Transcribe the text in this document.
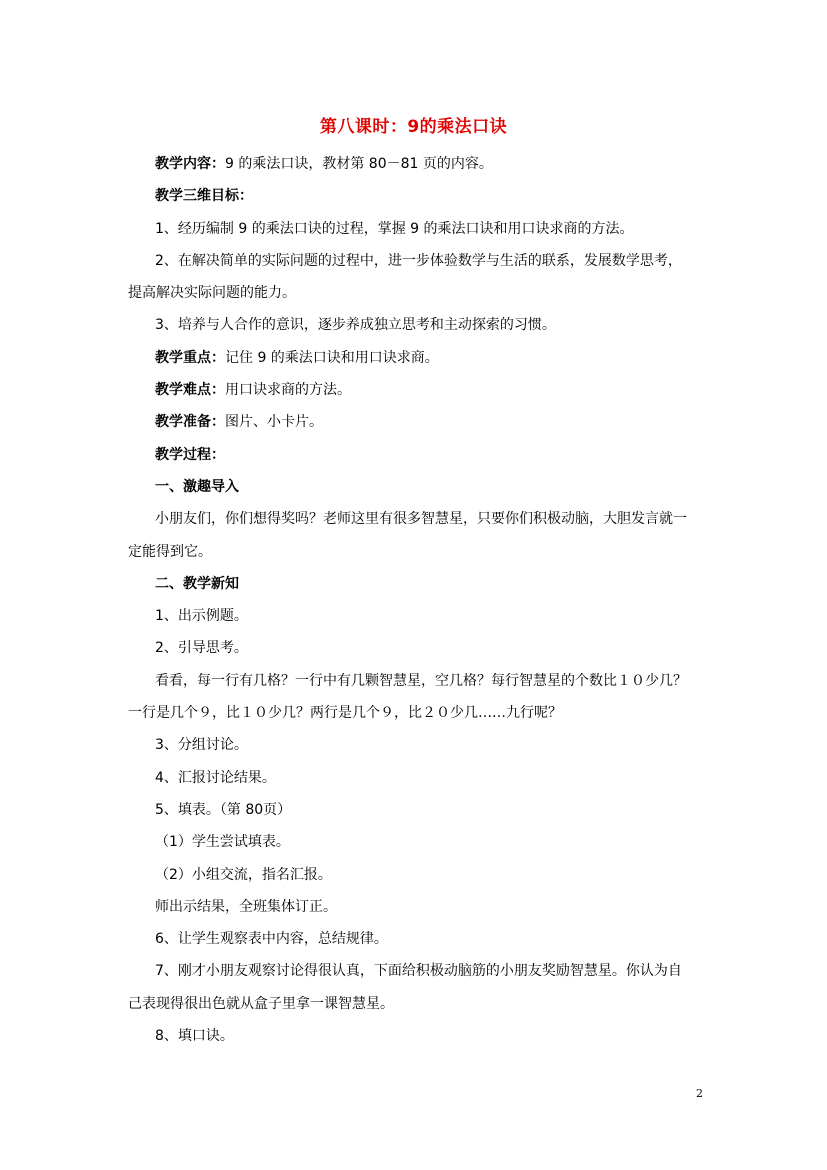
第八课时：9的乘法口诀
教学内容：9 的乘法口诀，教材第 80－81 页的内容。
教学三维目标：
1、经历编制 9 的乘法口诀的过程，掌握 9 的乘法口诀和用口诀求商的方法。
2、在解决简单的实际问题的过程中，进一步体验数学与生活的联系，发展数学思考，
提高解决实际问题的能力。
3、培养与人合作的意识，逐步养成独立思考和主动探索的习惯。
教学重点：记住 9 的乘法口诀和用口诀求商。
教学难点：用口诀求商的方法。
教学准备：图片、小卡片。
教学过程：
一、激趣导入
小朋友们，你们想得奖吗？老师这里有很多智慧星，只要你们积极动脑，大胆发言就一
定能得到它。
二、教学新知
1、出示例题。
2、引导思考。
看看，每一行有几格？一行中有几颗智慧星，空几格？每行智慧星的个数比１０少几？
一行是几个９，比１０少几？两行是几个９，比２０少几……九行呢？
3、分组讨论。
4、汇报讨论结果。
5、填表。（第 80页）
（1）学生尝试填表。
（2）小组交流，指名汇报。
师出示结果，全班集体订正。
6、让学生观察表中内容，总结规律。
7、刚才小朋友观察讨论得很认真，下面给积极动脑筋的小朋友奖励智慧星。你认为自
己表现得很出色就从盒子里拿一课智慧星。
8、填口诀。
2
